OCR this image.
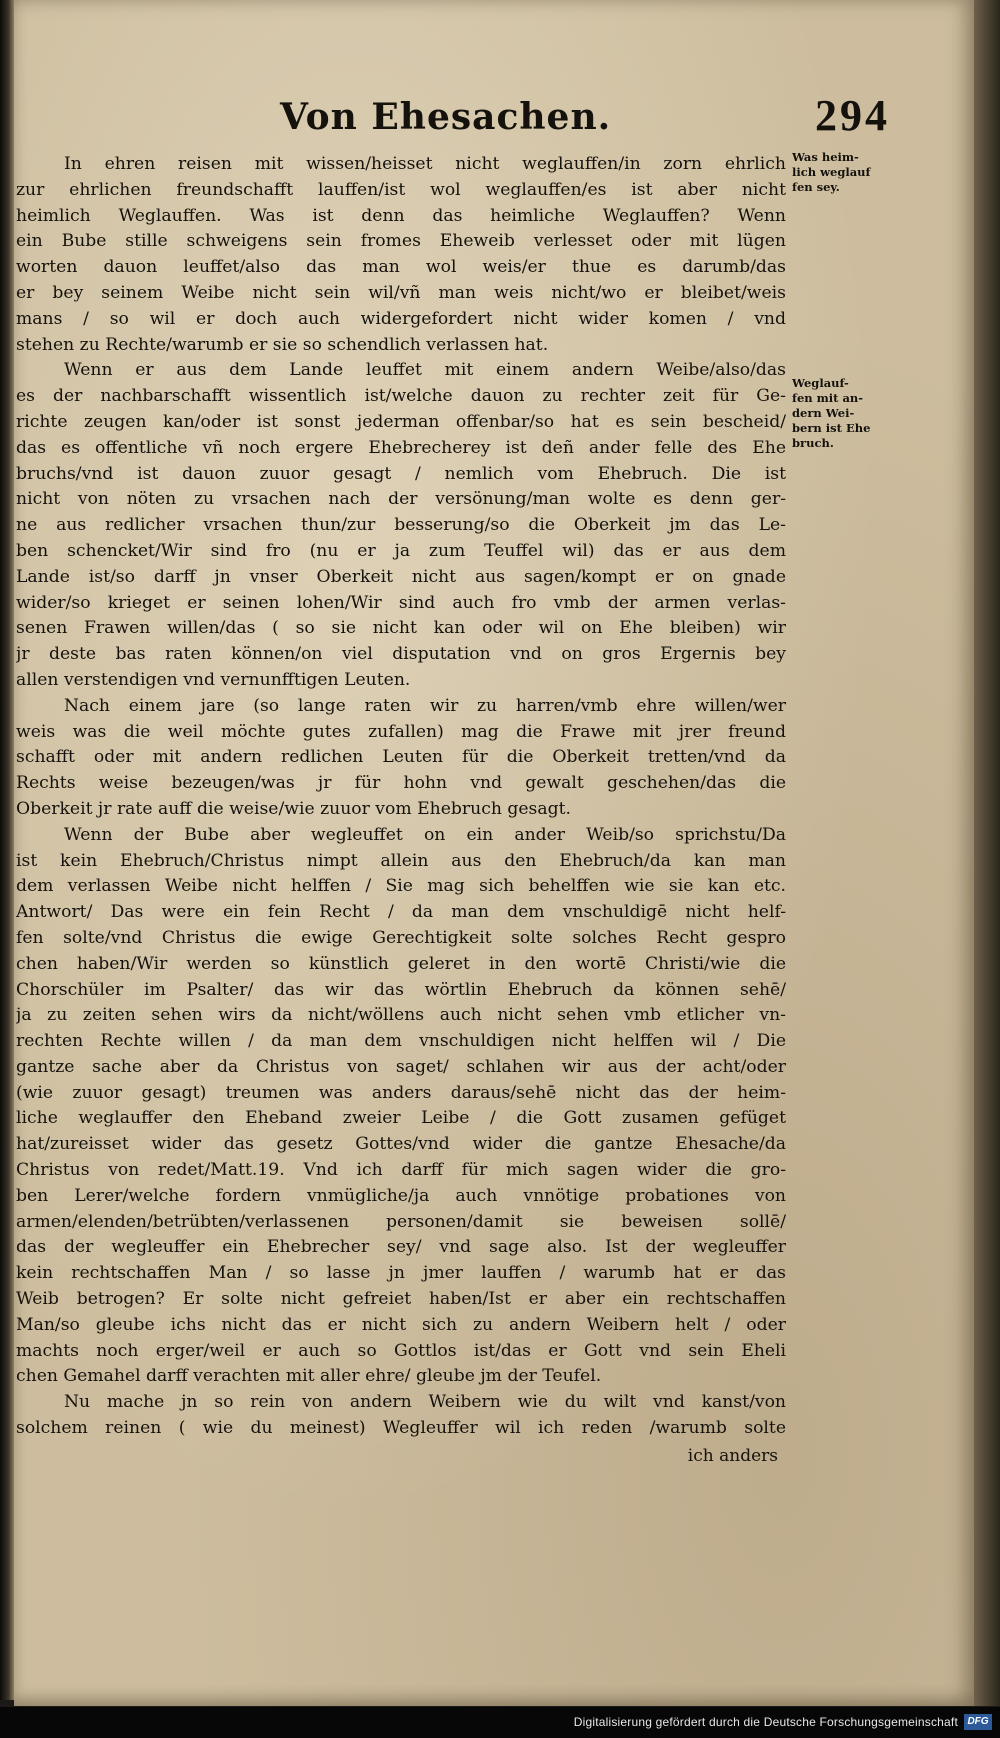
Von Ehesachen.	294
In ehren reisen mit wissen/heisset nicht weglauffen/in zorn ehrlich
zur ehrlichen freundschafft lauffen/ist wol weglauffen/es ist aber nicht
heimlich Weglauffen. Was ist denn das heimliche Weglauffen? Wenn
ein Bube stille schweigens sein fromes Eheweib verlesset oder mit lügen
worten dauon leuffet/also das man wol weis/er thue es darumb/das
er bey seinem Weibe nicht sein wil/vñ man weis nicht/wo er bleibet/weis
mans / so wil er doch auch widergefordert nicht wider komen / vnd
stehen zu Rechte/warumb er sie so schendlich verlassen hat.
Wenn er aus dem Lande leuffet mit einem andern Weibe/also/das
es der nachbarschafft wissentlich ist/welche dauon zu rechter zeit für Ge-
richte zeugen kan/oder ist sonst jederman offenbar/so hat es sein bescheid/
das es offentliche vñ noch ergere Ehebrecherey ist deñ ander felle des Ehe
bruchs/vnd ist dauon zuuor gesagt / nemlich vom Ehebruch. Die ist
nicht von nöten zu vrsachen nach der versönung/man wolte es denn ger-
ne aus redlicher vrsachen thun/zur besserung/so die Oberkeit jm das Le-
ben schencket/Wir sind fro (nu er ja zum Teuffel wil) das er aus dem
Lande ist/so darff jn vnser Oberkeit nicht aus sagen/kompt er on gnade
wider/so krieget er seinen lohen/Wir sind auch fro vmb der armen verlas-
senen Frawen willen/das ( so sie nicht kan oder wil on Ehe bleiben) wir
jr deste bas raten können/on viel disputation vnd on gros Ergernis bey
allen verstendigen vnd vernunfftigen Leuten.
Nach einem jare (so lange raten wir zu harren/vmb ehre willen/wer
weis was die weil möchte gutes zufallen) mag die Frawe mit jrer freund
schafft oder mit andern redlichen Leuten für die Oberkeit tretten/vnd da
Rechts weise bezeugen/was jr für hohn vnd gewalt geschehen/das die
Oberkeit jr rate auff die weise/wie zuuor vom Ehebruch gesagt.
Wenn der Bube aber wegleuffet on ein ander Weib/so sprichstu/Da
ist kein Ehebruch/Christus nimpt allein aus den Ehebruch/da kan man
dem verlassen Weibe nicht helffen / Sie mag sich behelffen wie sie kan etc.
Antwort/ Das were ein fein Recht / da man dem vnschuldigē nicht helf-
fen solte/vnd Christus die ewige Gerechtigkeit solte solches Recht gespro
chen haben/Wir werden so künstlich geleret in den wortē Christi/wie die
Chorschüler im Psalter/ das wir das wörtlin Ehebruch da können sehē/
ja zu zeiten sehen wirs da nicht/wöllens auch nicht sehen vmb etlicher vn-
rechten Rechte willen / da man dem vnschuldigen nicht helffen wil / Die
gantze sache aber da Christus von saget/ schlahen wir aus der acht/oder
(wie zuuor gesagt) treumen was anders daraus/sehē nicht das der heim-
liche weglauffer den Eheband zweier Leibe / die Gott zusamen gefüget
hat/zureisset wider das gesetz Gottes/vnd wider die gantze Ehesache/da
Christus von redet/Matt.19. Vnd ich darff für mich sagen wider die gro-
ben Lerer/welche fordern vnmügliche/ja auch vnnötige probationes von
armen/elenden/betrübten/verlassenen personen/damit sie beweisen sollē/
das der wegleuffer ein Ehebrecher sey/ vnd sage also. Ist der wegleuffer
kein rechtschaffen Man / so lasse jn jmer lauffen / warumb hat er das
Weib betrogen? Er solte nicht gefreiet haben/Ist er aber ein rechtschaffen
Man/so gleube ichs nicht das er nicht sich zu andern Weibern helt / oder
machts noch erger/weil er auch so Gottlos ist/das er Gott vnd sein Eheli
chen Gemahel darff verachten mit aller ehre/ gleube jm der Teufel.
Nu mache jn so rein von andern Weibern wie du wilt vnd kanst/von
solchem reinen ( wie du meinest) Wegleuffer wil ich reden /warumb solte
ich anders
Was heim-
lich weglauf
fen sey.
Weglauf-
fen mit an-
dern Wei-
bern ist Ehe
bruch.
Digitalisierung gefördert durch die Deutsche Forschungsgemeinschaft DFG
